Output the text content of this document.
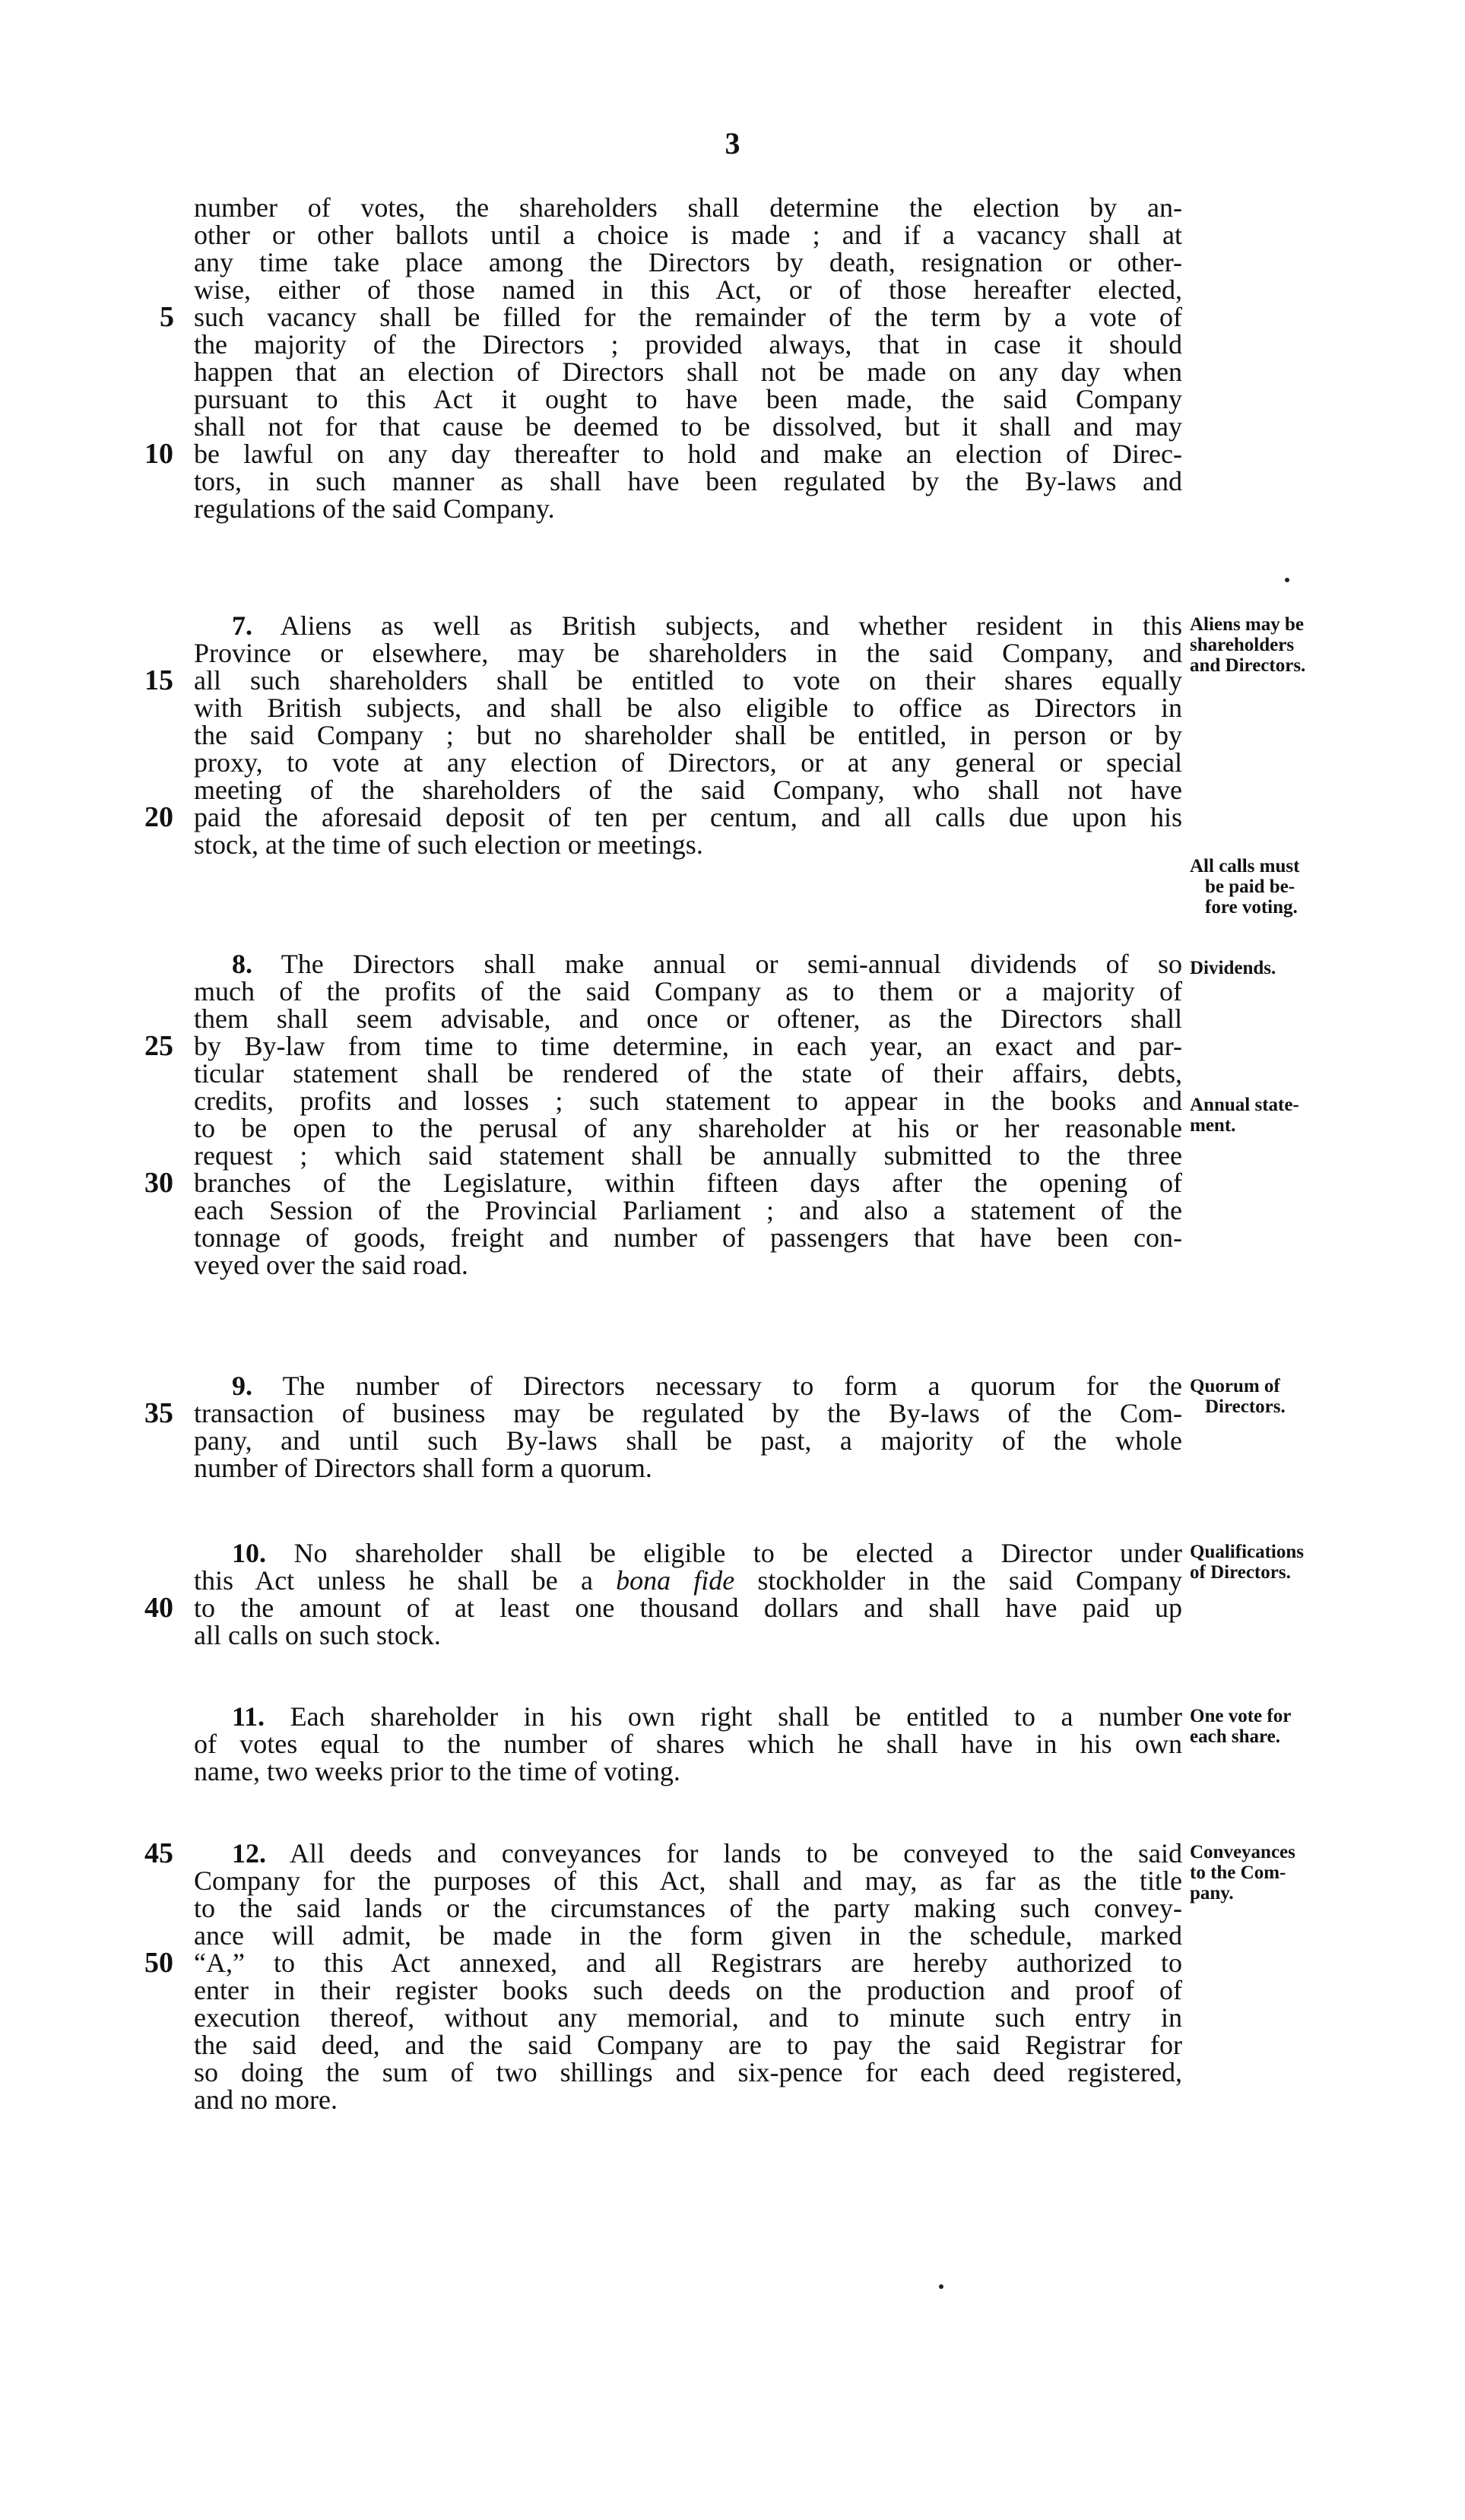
3
number of votes, the shareholders shall determine the election by an-
other or other ballots until a choice is made ; and if a vacancy shall at
any time take place among the Directors by death, resignation or other-
wise, either of those named in this Act, or of those hereafter elected,
such vacancy shall be filled for the remainder of the term by a vote of
the majority of the Directors ; provided always, that in case it should
happen that an election of Directors shall not be made on any day when
pursuant to this Act it ought to have been made, the said Company
shall not for that cause be deemed to be dissolved, but it shall and may
be lawful on any day thereafter to hold and make an election of Direc-
tors, in such manner as shall have been regulated by the By-laws and
regulations of the said Company.
7. Aliens as well as British subjects, and whether resident in this
Province or elsewhere, may be shareholders in the said Company, and
all such shareholders shall be entitled to vote on their shares equally
with British subjects, and shall be also eligible to office as Directors in
the said Company ; but no shareholder shall be entitled, in person or by
proxy, to vote at any election of Directors, or at any general or special
meeting of the shareholders of the said Company, who shall not have
paid the aforesaid deposit of ten per centum, and all calls due upon his
stock, at the time of such election or meetings.
8. The Directors shall make annual or semi-annual dividends of so
much of the profits of the said Company as to them or a majority of
them shall seem advisable, and once or oftener, as the Directors shall
by By-law from time to time determine, in each year, an exact and par-
ticular statement shall be rendered of the state of their affairs, debts,
credits, profits and losses ; such statement to appear in the books and
to be open to the perusal of any shareholder at his or her reasonable
request ; which said statement shall be annually submitted to the three
branches of the Legislature, within fifteen days after the opening of
each Session of the Provincial Parliament ; and also a statement of the
tonnage of goods, freight and number of passengers that have been con-
veyed over the said road.
9. The number of Directors necessary to form a quorum for the
transaction of business may be regulated by the By-laws of the Com-
pany, and until such By-laws shall be past, a majority of the whole
number of Directors shall form a quorum.
10. No shareholder shall be eligible to be elected a Director under
this Act unless he shall be a bona fide stockholder in the said Company
to the amount of at least one thousand dollars and shall have paid up
all calls on such stock.
11. Each shareholder in his own right shall be entitled to a number
of votes equal to the number of shares which he shall have in his own
name, two weeks prior to the time of voting.
12. All deeds and conveyances for lands to be conveyed to the said
Company for the purposes of this Act, shall and may, as far as the title
to the said lands or the circumstances of the party making such convey-
ance will admit, be made in the form given in the schedule, marked
“A,” to this Act annexed, and all Registrars are hereby authorized to
enter in their register books such deeds on the production and proof of
execution thereof, without any memorial, and to minute such entry in
the said deed, and the said Company are to pay the said Registrar for
so doing the sum of two shillings and six-pence for each deed registered,
and no more.
5
10
15
20
25
30
35
40
45
50
Aliens may be
shareholders
and Directors.
All calls must
be paid be-
fore voting.
Dividends.
Annual state-
ment.
Quorum of
Directors.
Qualifications
of Directors.
One vote for
each share.
Conveyances
to the Com-
pany.
